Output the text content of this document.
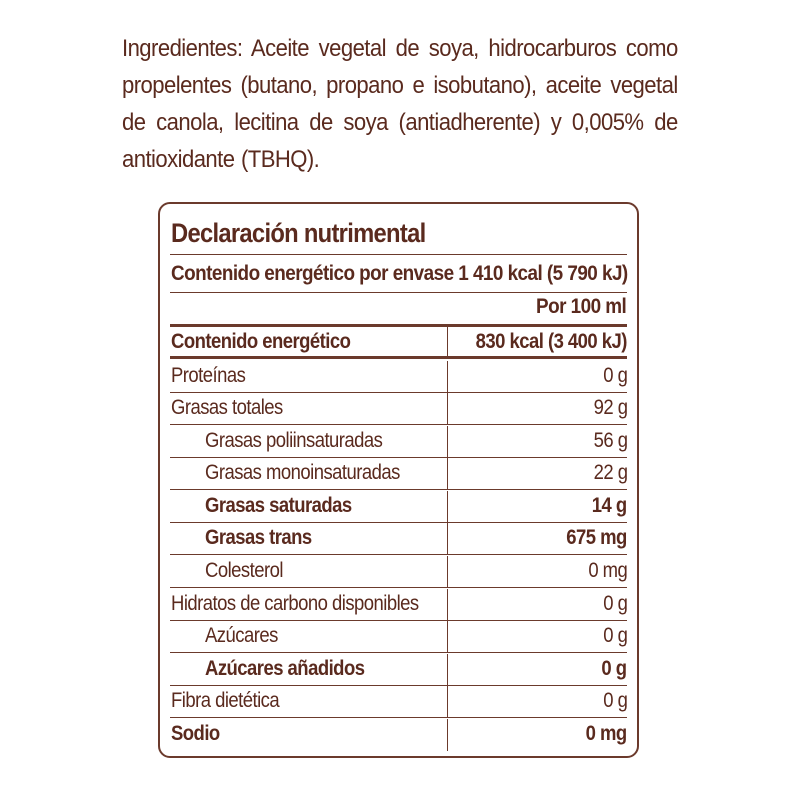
Ingredientes: Aceite vegetal de soya, hidrocarburos como propelentes (butano, propano e isobutano), aceite vegetal de canola, lecitina de soya (antiadherente) y 0,005% de antioxidante (TBHQ).
Declaración nutrimental
Contenido energético por envase 1 410 kcal (5 790 kJ)
Por 100 ml
Contenido energético	830 kcal (3 400 kJ)
Proteínas	0 g
Grasas totales	92 g
Grasas poliinsaturadas	56 g
Grasas monoinsaturadas	22 g
Grasas saturadas	14 g
Grasas trans	675 mg
Colesterol	0 mg
Hidratos de carbono disponibles	0 g
Azúcares	0 g
Azúcares añadidos	0 g
Fibra dietética	0 g
Sodio	0 mg
